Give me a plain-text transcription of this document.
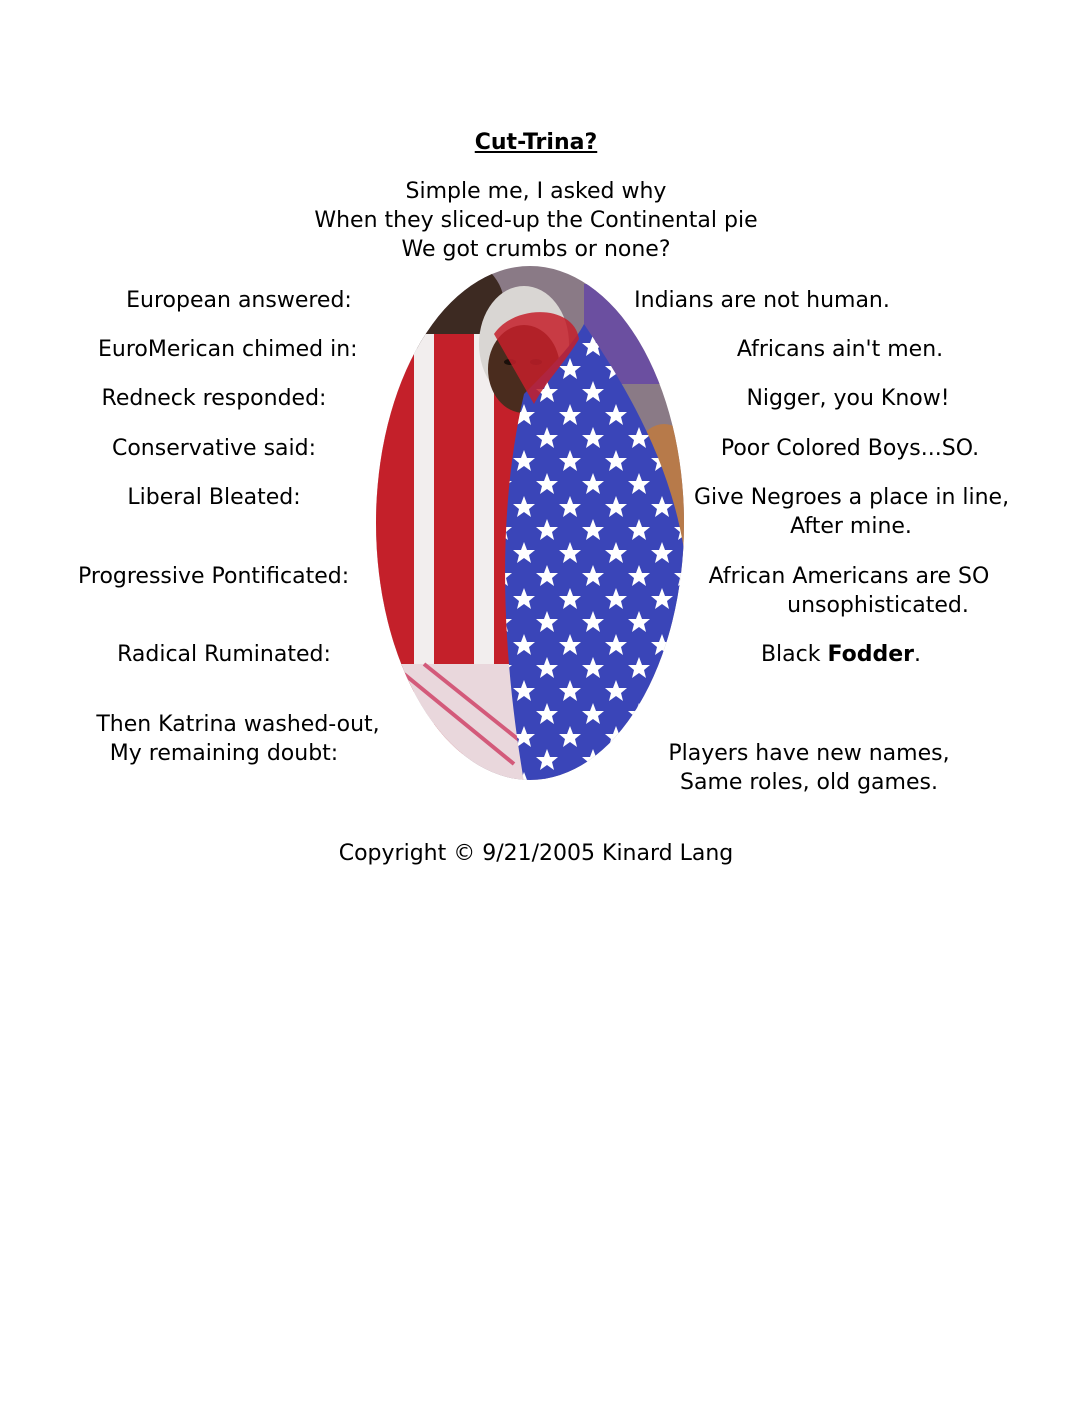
Cut-Trina?
Simple me, I asked why
When they sliced-up the Continental pie
We got crumbs or none?
European answered:
EuroMerican chimed in:
Redneck responded:
Conservative said:
Liberal Bleated:
Progressive Pontificated:
Radical Ruminated:
Then Katrina washed-out,
My remaining doubt:
Indians are not human.
Africans ain't men.
Nigger, you Know!
Poor Colored Boys...SO.
Give Negroes a place in line,
After mine.
African Americans are SO
unsophisticated.
Black Fodder.
Players have new names,
Same roles, old games.
Copyright © 9/21/2005 Kinard Lang
